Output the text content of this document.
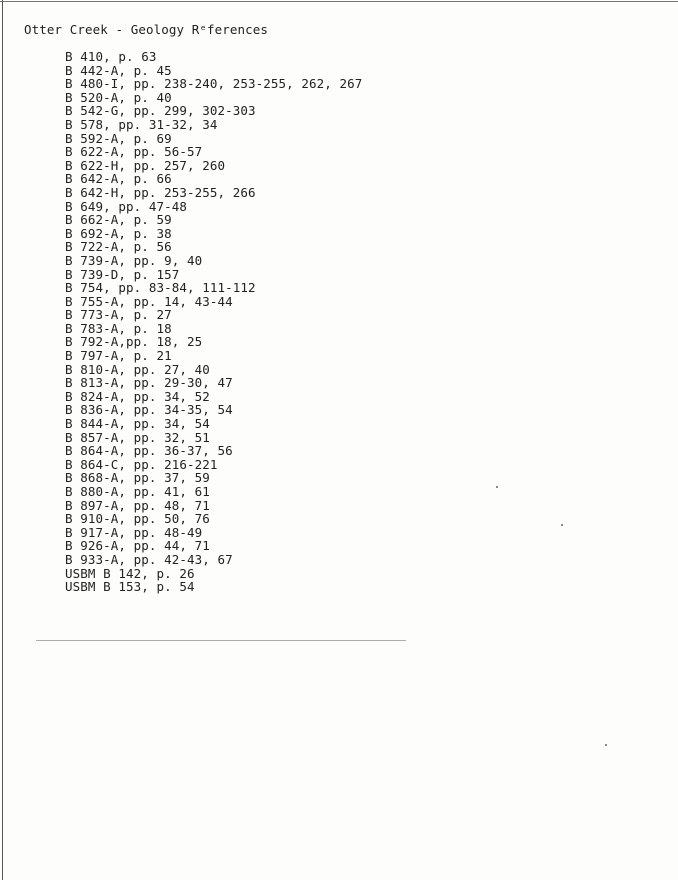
Otter Creek - Geology Rᵉferences
B 410, p. 63
B 442-A, p. 45
B 480-I, pp. 238-240, 253-255, 262, 267
B 520-A, p. 40
B 542-G, pp. 299, 302-303
B 578, pp. 31-32, 34
B 592-A, p. 69
B 622-A, pp. 56-57
B 622-H, pp. 257, 260
B 642-A, p. 66
B 642-H, pp. 253-255, 266
B 649, pp. 47-48
B 662-A, p. 59
B 692-A, p. 38
B 722-A, p. 56
B 739-A, pp. 9, 40
B 739-D, p. 157
B 754, pp. 83-84, 111-112
B 755-A, pp. 14, 43-44
B 773-A, p. 27
B 783-A, p. 18
B 792-A,pp. 18, 25
B 797-A, p. 21
B 810-A, pp. 27, 40
B 813-A, pp. 29-30, 47
B 824-A, pp. 34, 52
B 836-A, pp. 34-35, 54
B 844-A, pp. 34, 54
B 857-A, pp. 32, 51
B 864-A, pp. 36-37, 56
B 864-C, pp. 216-221
B 868-A, pp. 37, 59
B 880-A, pp. 41, 61
B 897-A, pp. 48, 71
B 910-A, pp. 50, 76
B 917-A, pp. 48-49
B 926-A, pp. 44, 71
B 933-A, pp. 42-43, 67
USBM B 142, p. 26
USBM B 153, p. 54
